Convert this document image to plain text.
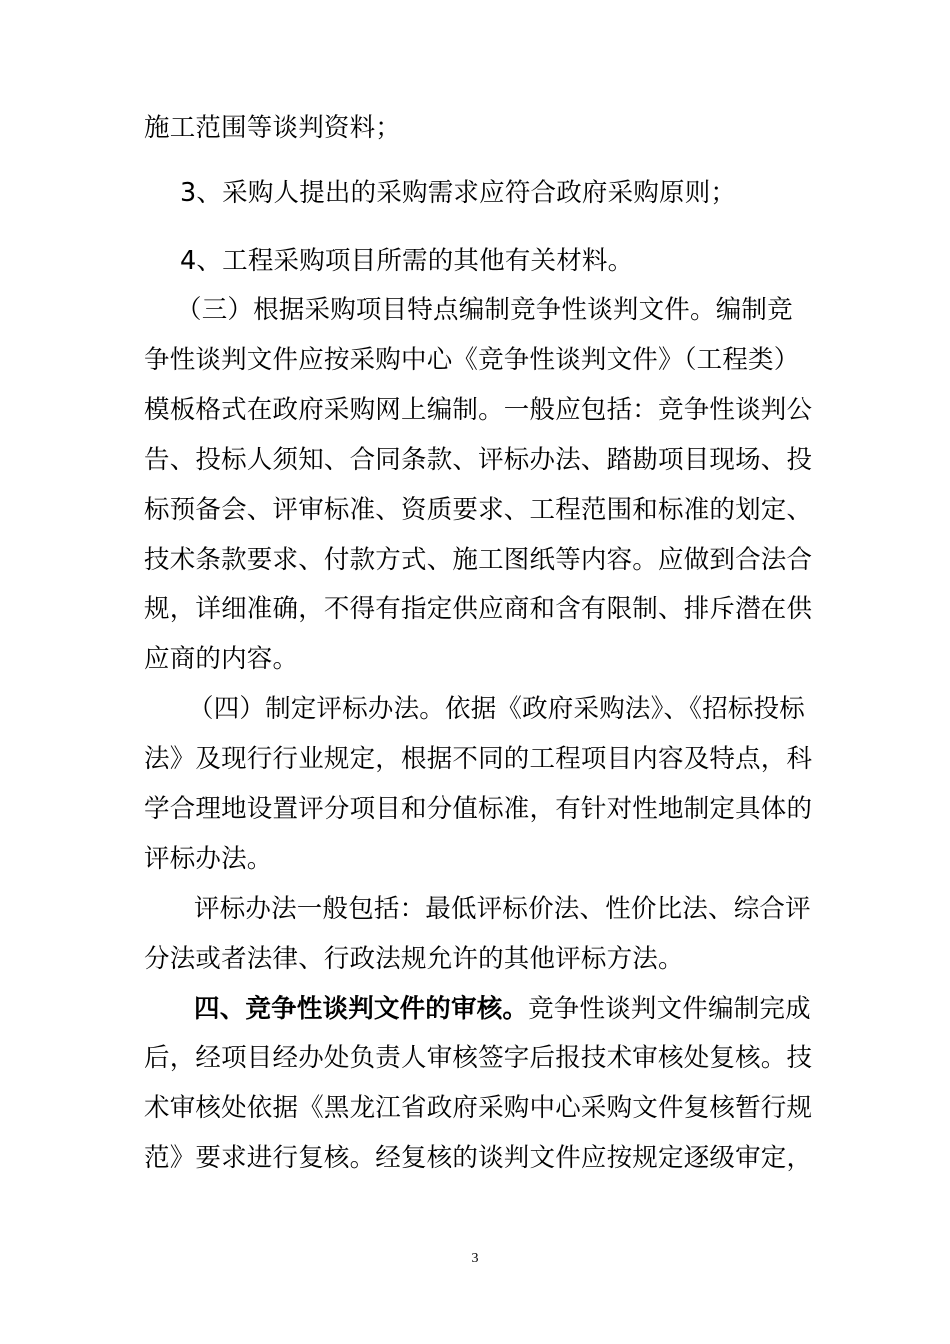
施工范围等谈判资料；
3、采购人提出的采购需求应符合政府采购原则；
4、工程采购项目所需的其他有关材料。
（三）根据采购项目特点编制竞争性谈判文件。编制竞
争性谈判文件应按采购中心《竞争性谈判文件》（工程类）
模板格式在政府采购网上编制。一般应包括：竞争性谈判公
告、投标人须知、合同条款、评标办法、踏勘项目现场、投
标预备会、评审标准、资质要求、工程范围和标准的划定、
技术条款要求、付款方式、施工图纸等内容。应做到合法合
规，详细准确，不得有指定供应商和含有限制、排斥潜在供
应商的内容。
（四）制定评标办法。依据《政府采购法》、《招标投标
法》及现行行业规定，根据不同的工程项目内容及特点，科
学合理地设置评分项目和分值标准，有针对性地制定具体的
评标办法。
评标办法一般包括：最低评标价法、性价比法、综合评
分法或者法律、行政法规允许的其他评标方法。
四、竞争性谈判文件的审核。竞争性谈判文件编制完成
后，经项目经办处负责人审核签字后报技术审核处复核。技
术审核处依据《黑龙江省政府采购中心采购文件复核暂行规
范》要求进行复核。经复核的谈判文件应按规定逐级审定，
3
